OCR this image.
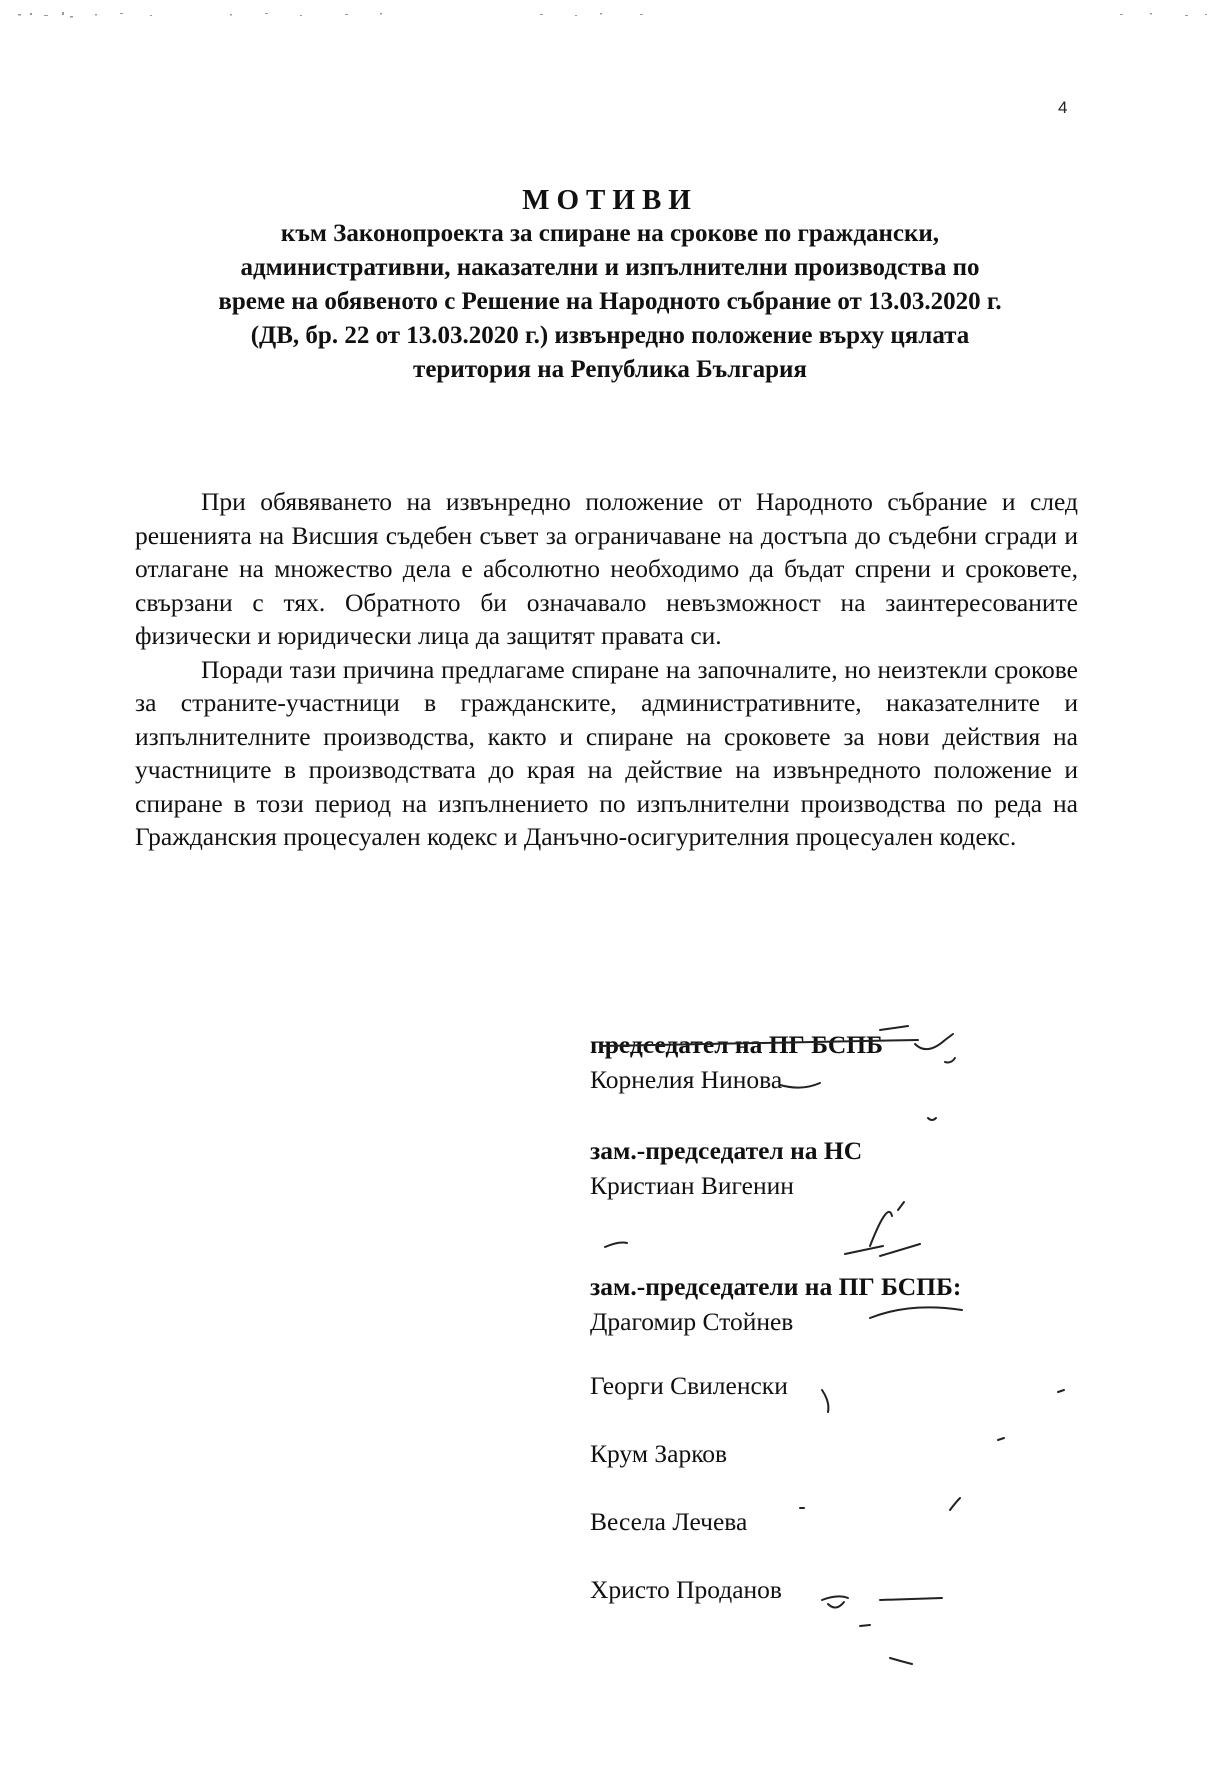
4
МОТИВИ
към Законопроекта за спиране на срокове по граждански,
административни, наказателни и изпълнителни производства по
време на обявеното с Решение на Народното събрание от 13.03.2020 г.
(ДВ, бр. 22 от 13.03.2020 г.) извънредно положение върху цялата
територия на Република България

При обявяването на извънредно положение от Народното събрание и след решенията на Висшия съдебен съвет за ограничаване на достъпа до съдебни сгради и отлагане на множество дела е абсолютно необходимо да бъдат спрени и сроковете, свързани с тях. Обратното би означавало невъзможност на заинтересованите физически и юридически лица да защитят правата си.

Поради тази причина предлагаме спиране на започналите, но неизтекли срокове за страните-участници в гражданските, административните, наказателните и изпълнителните производства, както и спиране на сроковeте за нови действия на участниците в производствата до края на действие на извънредното положение и спиране в този период на изпълнението по изпълнителни производства по реда на Гражданския процесуален кодекс и Данъчно-осигурителния процесуален кодекс.

председател на ПГ БСПБ
Корнелия Нинова
зам.-председател на НС
Кристиан Вигенин
зам.-председатели на ПГ БСПБ:
Драгомир Стойнев
Георги Свиленски
Крум Зарков
Весела Лечева
Христо Проданов
